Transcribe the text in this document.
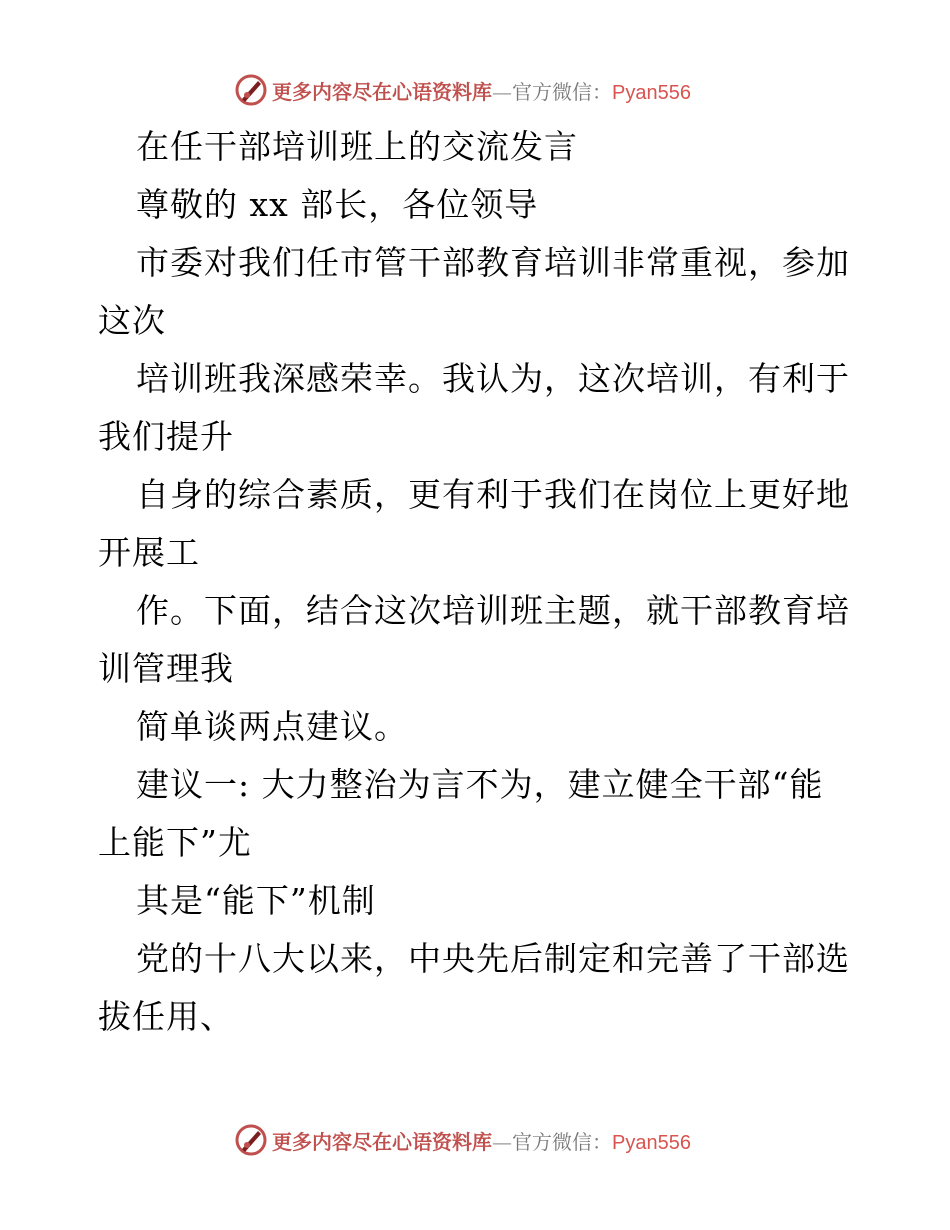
更多内容尽在心语资料库—官方微信：Pyan556
在任干部培训班上的交流发言
尊敬的 xx 部长，各位领导
市委对我们任市管干部教育培训非常重视，参加
这次
培训班我深感荣幸。我认为，这次培训，有利于
我们提升
自身的综合素质，更有利于我们在岗位上更好地
开展工
作。下面，结合这次培训班主题，就干部教育培
训管理我
简单谈两点建议。
建议一: 大力整治为言不为，建立健全干部“能
上能下”尤
其是“能下”机制
党的十八大以来，中央先后制定和完善了干部选
拔任用、
更多内容尽在心语资料库—官方微信：Pyan556
